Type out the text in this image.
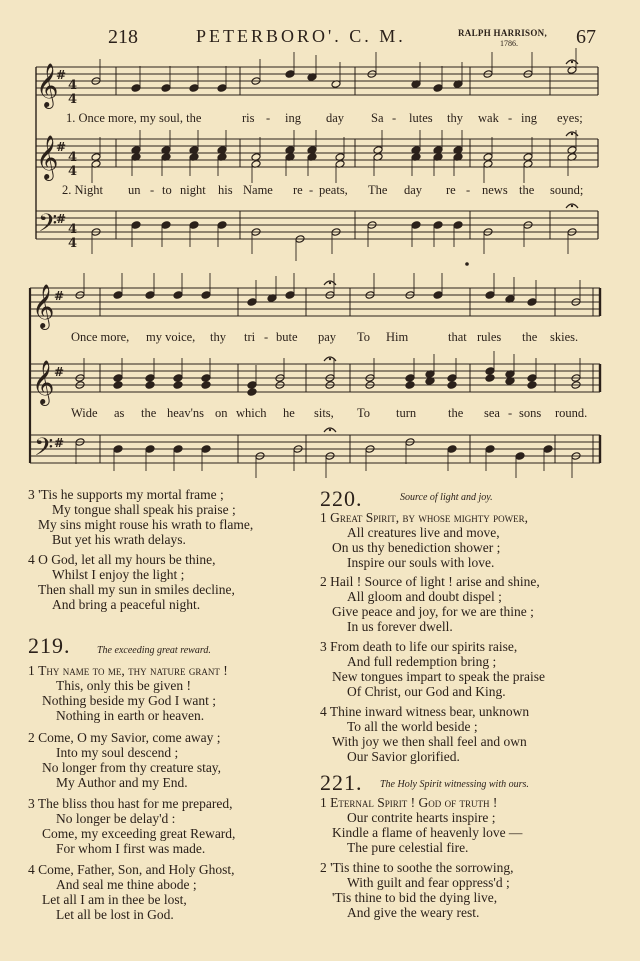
218	PETERBORO'. C. M.	RALPH HARRISON,
1786.	67
𝄞
#
4
4
𝄞
#
4
4
𝄢
#
4
4
𝄞 #
𝄞 #
𝄢 #
1. Once more, my soul, the	ris - ing day Sa - lutes thy wak - ing eyes;
2. Night un - to night his Name re - peats, The day re - news the sound;
Once more, my voice, thy tri - bute pay To Him	that rules the skies.
Wide as the heav'ns on which he sits, To turn	the sea - sons round.
3 'Tis he supports my mortal frame ;
My tongue shall speak his praise ;
My sins might rouse his wrath to flame,
But yet his wrath delays.
4 O God, let all my hours be thine,
Whilst I enjoy the light ;
Then shall my sun in smiles decline,
And bring a peaceful night.
219.	The exceeding great reward.
1 Thy name to me, thy nature grant !
This, only this be given !
Nothing beside my God I want ;
Nothing in earth or heaven.
2 Come, O my Savior, come away ;
Into my soul descend ;
No longer from thy creature stay,
My Author and my End.
3 The bliss thou hast for me prepared,
No longer be delay'd :
Come, my exceeding great Reward,
For whom I first was made.
4 Come, Father, Son, and Holy Ghost,
And seal me thine abode ;
Let all I am in thee be lost,
Let all be lost in God.
220.	Source of light and joy.
1 Great Spirit, by whose mighty power,
All creatures live and move,
On us thy benediction shower ;
Inspire our souls with love.
2 Hail ! Source of light ! arise and shine,
All gloom and doubt dispel ;
Give peace and joy, for we are thine ;
In us forever dwell.
3 From death to life our spirits raise,
And full redemption bring ;
New tongues impart to speak the praise
Of Christ, our God and King.
4 Thine inward witness bear, unknown
To all the world beside ;
With joy we then shall feel and own
Our Savior glorified.
221. The Holy Spirit witnessing with ours.
1 Eternal Spirit ! God of truth !
Our contrite hearts inspire ;
Kindle a flame of heavenly love —
The pure celestial fire.
2 'Tis thine to soothe the sorrowing,
With guilt and fear oppress'd ;
'Tis thine to bid the dying live,
And give the weary rest.
